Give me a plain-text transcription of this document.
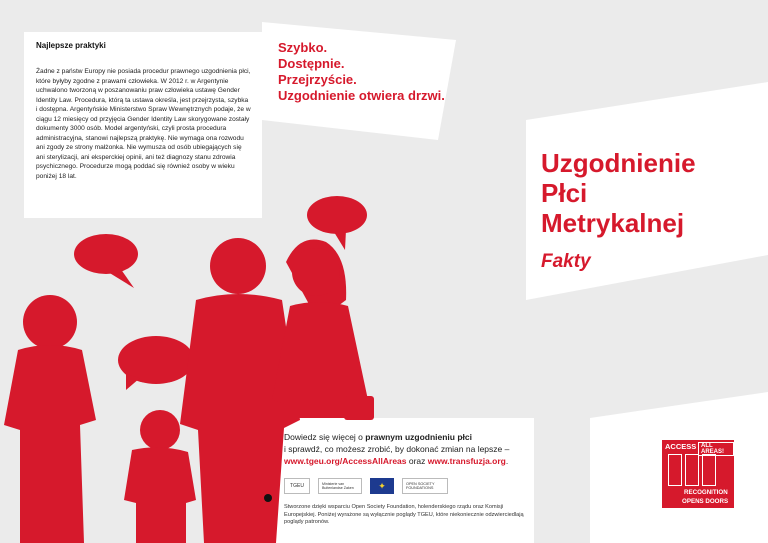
Najlepsze praktyki
Żadne z państw Europy nie posiada procedur prawnego uzgodnienia płci, które byłyby zgodne z prawami człowieka. W 2012 r. w Argentynie uchwalono tworzoną w poszanowaniu praw człowieka ustawę Gender Identity Law. Procedura, którą ta ustawa określa, jest przejrzysta, szybka i dostępna. Argentyńskie Ministerstwo Spraw Wewnętrznych podaje, że w ciągu 12 miesięcy od przyjęcia Gender Identity Law skorygowane zostały dokumenty 3000 osób. Model argentyński, czyli prosta procedura administracyjna, stanowi najlepszą praktykę. Nie wymaga ona rozwodu ani zgody ze strony małżonka. Nie wymusza od osób ubiegających się ani sterylizacji, ani eksperckiej opinii, ani też diagnozy stanu zdrowia psychicznego. Procedurze mogą poddać się również osoby w wieku poniżej 18 lat.
Szybko.
Dostępnie.
Przejrzyście.
Uzgodnienie otwiera drzwi.
Uzgodnienie
Płci
Metrykalnej
Fakty
Dowiedz się więcej o prawnym uzgodnieniu płci
i sprawdź, co możesz zrobić, by dokonać zmian na lepsze –
www.tgeu.org/AccessAllAreas oraz www.transfuzja.org.
TGEU	Ministerie van Buitenlandse Zaken	✦	OPEN SOCIETY FOUNDATIONS
Stworzone dzięki wsparciu Open Society Foundation, holenderskiego rządu oraz Komisji Europejskiej. Poniżej wyrażone są wyłącznie poglądy TGEU, które niekoniecznie odzwierciedlają poglądy patronów.
ACCESS ALL AREAS!
RECOGNITION
OPENS DOORS
